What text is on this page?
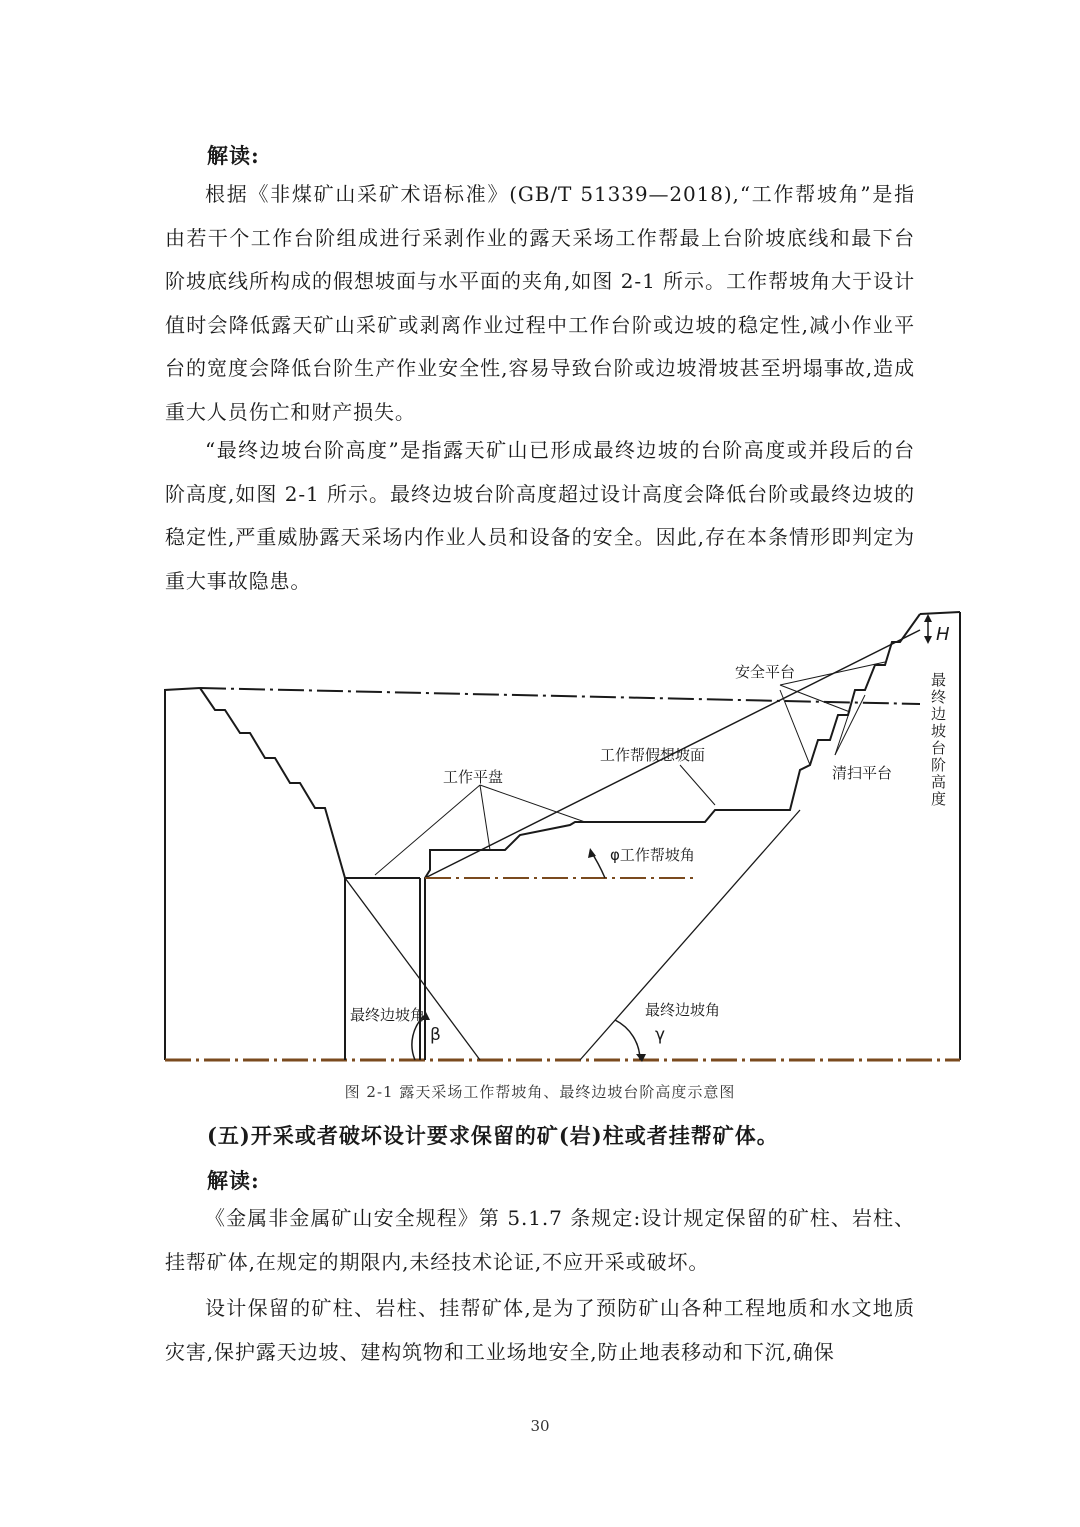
解读:

根据《非煤矿山采矿术语标准》(GB/T 51339—2018),“工作帮坡角”是指由若干个工作台阶组成进行采剥作业的露天采场工作帮最上台阶坡底线和最下台阶坡底线所构成的假想坡面与水平面的夹角,如图 2-1 所示。工作帮坡角大于设计值时会降低露天矿山采矿或剥离作业过程中工作台阶或边坡的稳定性,减小作业平台的宽度会降低台阶生产作业安全性,容易导致台阶或边坡滑坡甚至坍塌事故,造成重大人员伤亡和财产损失。

“最终边坡台阶高度”是指露天矿山已形成最终边坡的台阶高度或并段后的台阶高度,如图 2-1 所示。最终边坡台阶高度超过设计高度会降低台阶或最终边坡的稳定性,严重威胁露天采场内作业人员和设备的安全。因此,存在本条情形即判定为重大事故隐患。

H
最终边坡台阶高度
安全平台
清扫平台
工作帮假想坡面
工作平盘
φ工作帮坡角
最终边坡角
β
最终边坡角
γ
图 2-1 露天采场工作帮坡角、最终边坡台阶高度示意图
(五)开采或者破坏设计要求保留的矿(岩)柱或者挂帮矿体。
解读:

《金属非金属矿山安全规程》第 5.1.7 条规定:设计规定保留的矿柱、岩柱、挂帮矿体,在规定的期限内,未经技术论证,不应开采或破坏。

设计保留的矿柱、岩柱、挂帮矿体,是为了预防矿山各种工程地质和水文地质灾害,保护露天边坡、建构筑物和工业场地安全,防止地表移动和下沉,确保

30
